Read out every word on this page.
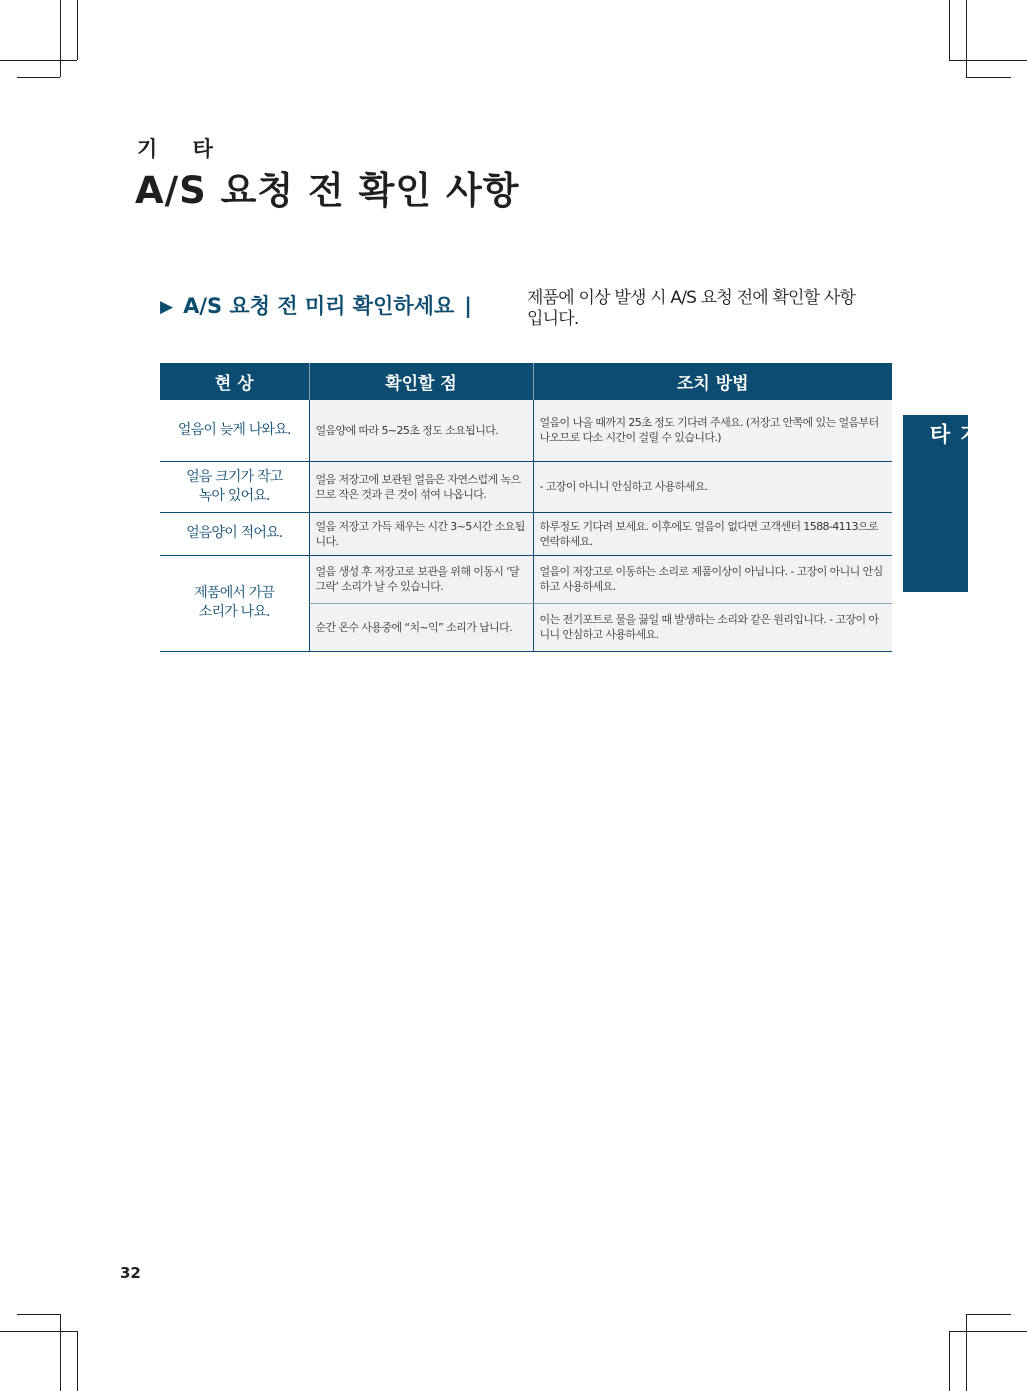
기 타
A/S 요청 전 확인 사항
▶ A/S 요청 전 미리 확인하세요 |	제품에 이상 발생 시 A/S 요청 전에 확인할 사항입니다.
현 상	확인할 점	조치 방법
얼음이 늦게 나와요.	얼음양에 따라 5~25초 정도 소요됩니다.	얼음이 나올 때까지 25초 정도 기다려 주세요. (저장고 안쪽에 있는 얼음부터 나오므로 다소 시간이 걸릴 수 있습니다.)
얼음 크기가 작고 녹아 있어요.	얼음 저장고에 보관된 얼음은 자연스럽게 녹으므로 작은 것과 큰 것이 섞여 나옵니다.	- 고장이 아니니 안심하고 사용하세요.
얼음양이 적어요.	얼음 저장고 가득 채우는 시간 3~5시간 소요됩니다.	하루정도 기다려 보세요. 이후에도 얼음이 없다면 고객센터 1588-4113으로 연락하세요.
제품에서 가끔 소리가 나요.	얼음 생성 후 저장고로 보관을 위해 이동시 ‘달그락’ 소리가 날 수 있습니다.	얼음이 저장고로 이동하는 소리로 제품이상이 아닙니다. - 고장이 아니니 안심하고 사용하세요.
	순간 온수 사용중에 “치~익” 소리가 납니다.	이는 전기포트로 물을 끓일 때 발생하는 소리와 같은 원리입니다. - 고장이 아니니 안심하고 사용하세요.
기 타
32
